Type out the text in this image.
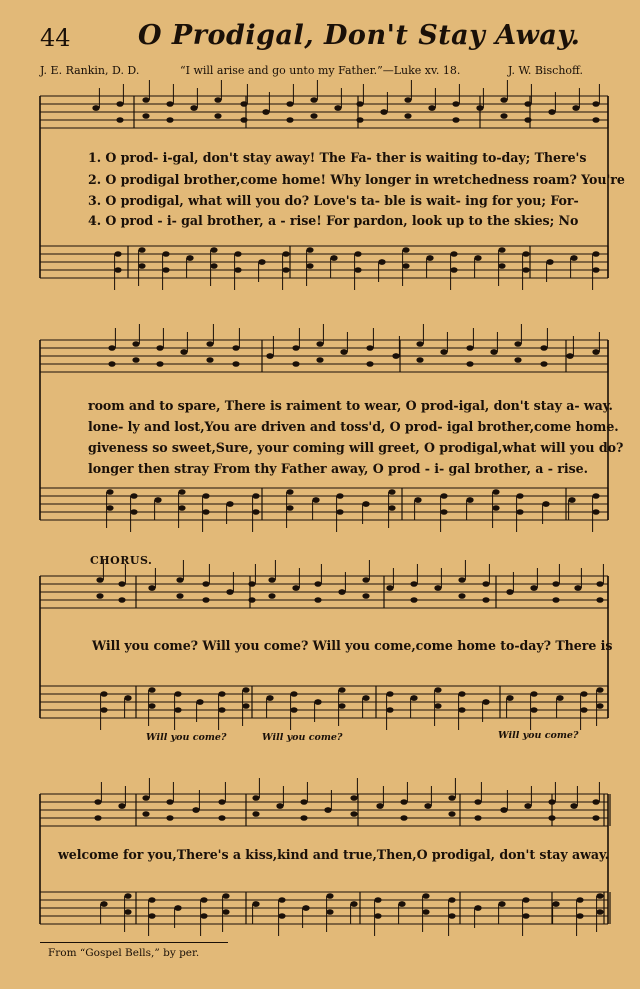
44 O Prodigal, Don't Stay Away.
J. E. Rankin, D. D.	“I will arise and go unto my Father.”—Luke xv. 18.	J. W. Bischoff.
1. O prod- i-gal, don't stay away! The Fa- ther is waiting to-day; There's
2. O prodigal brother,come home! Why longer in wretchedness roam? You're
3. O prodigal, what will you do? Love's ta- ble is wait- ing for you; For-
4. O prod - i- gal brother, a - rise! For pardon, look up to the skies; No
room and to spare, There is raiment to wear, O prod-igal, don't stay a- way.
lone- ly and lost,You are driven and toss'd, O prod- igal brother,come home.
giveness so sweet,Sure, your coming will greet, O prodigal,what will you do?
longer then stray From thy Father away, O prod - i- gal brother, a - rise.
CHORUS.
Will you come? Will you come? Will you come,come home to-day? There is
Will you come?	Will you come?	Will you come?
welcome for you,There's a kiss,kind and true,Then,O prodigal, don't stay away.
From “Gospel Bells,” by per.
